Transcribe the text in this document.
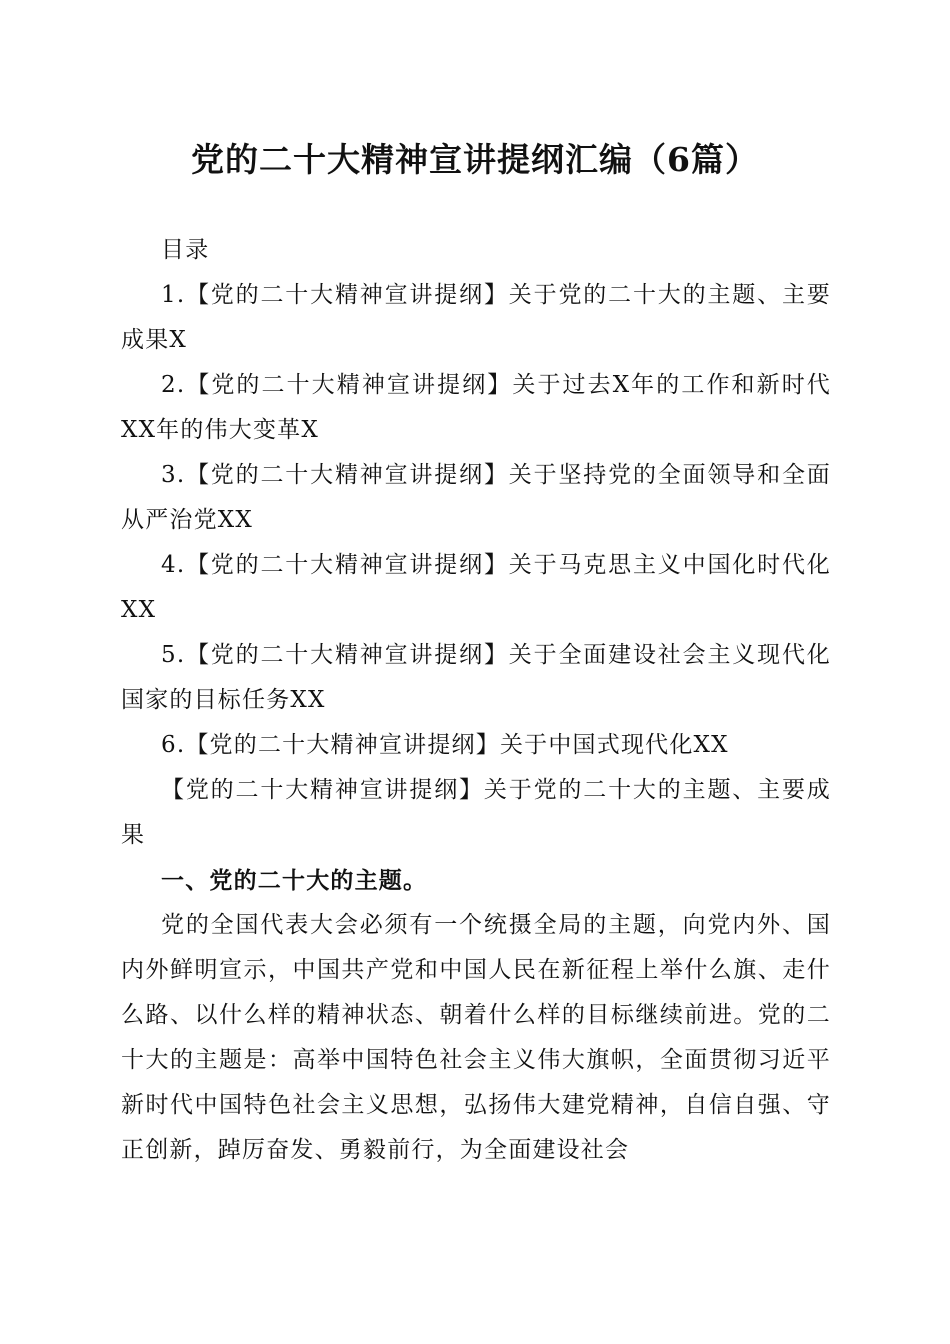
党的二十大精神宣讲提纲汇编（6篇）

目录

1.【党的二十大精神宣讲提纲】关于党的二十大的主题、主要成果X

2.【党的二十大精神宣讲提纲】关于过去X年的工作和新时代XX年的伟大变革X

3.【党的二十大精神宣讲提纲】关于坚持党的全面领导和全面从严治党XX

4.【党的二十大精神宣讲提纲】关于马克思主义中国化时代化XX

5.【党的二十大精神宣讲提纲】关于全面建设社会主义现代化国家的目标任务XX

6.【党的二十大精神宣讲提纲】关于中国式现代化XX

【党的二十大精神宣讲提纲】关于党的二十大的主题、主要成果

一、党的二十大的主题。

党的全国代表大会必须有一个统摄全局的主题，向党内外、国内外鲜明宣示，中国共产党和中国人民在新征程上举什么旗、走什么路、以什么样的精神状态、朝着什么样的目标继续前进。党的二十大的主题是：高举中国特色社会主义伟大旗帜，全面贯彻习近平新时代中国特色社会主义思想，弘扬伟大建党精神，自信自强、守正创新，踔厉奋发、勇毅前行，为全面建设社会
